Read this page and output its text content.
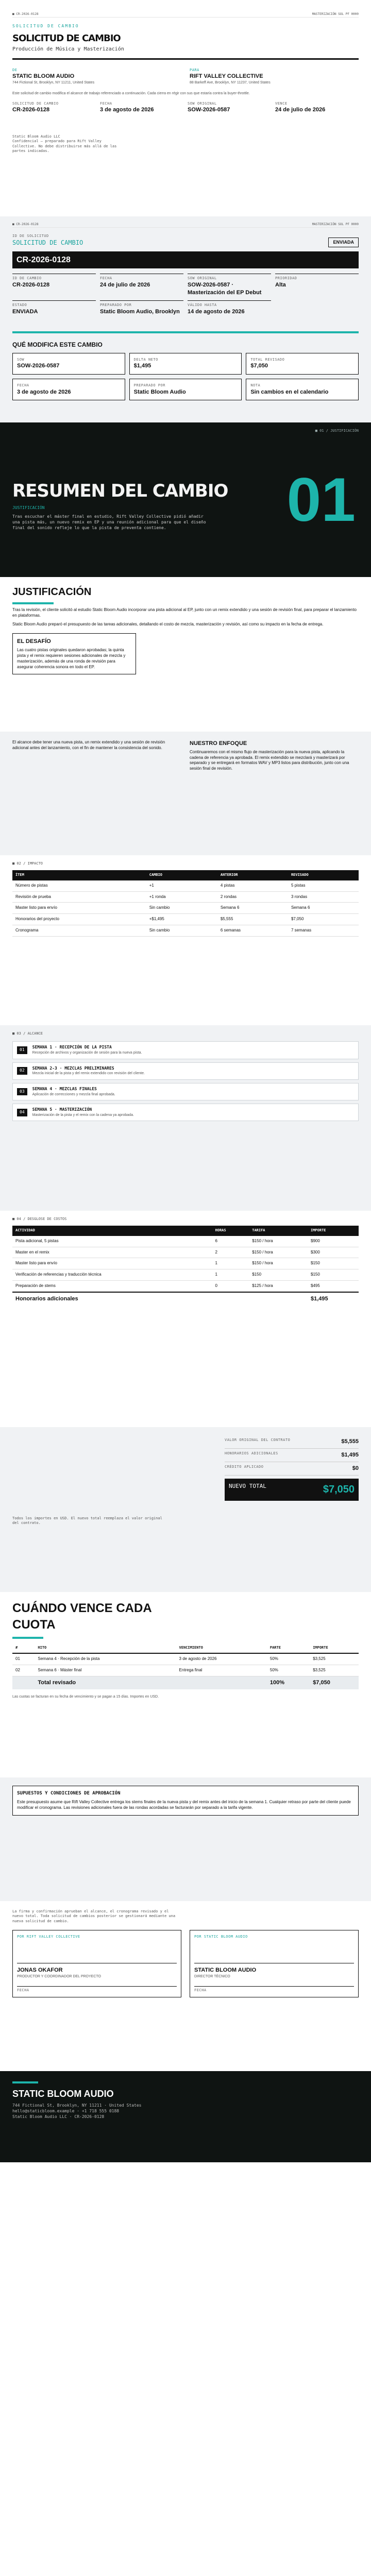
■ CR-2026-0128	MASTERIZACIÓN SOL PF 0000
SOLICITUD DE CAMBIO
SOLICITUD DE CAMBIO
Producción de Música y Masterización
DE
STATIC BLOOM AUDIO
744 Fictional St, Brooklyn, NY 11211, United States
PARA
RIFT VALLEY COLLECTIVE
88 Barkeff Ave, Brooklyn, NY 11237, United States

Este solicitud de cambio modifica el alcance de trabajo referenciado a continuación. Cada cierra en régir con sus que estaría contra la buyer-throttle.

SOLICITUD DE CAMBIO
CR-2026-0128
FECHA
3 de agosto de 2026
SOW ORIGINAL
SOW-2026-0587
VENCE
24 de julio de 2026
Static Bloom Audio LLC
Confidencial — preparado para Rift Valley
Collective. No debe distribuirse más allá de las
partes indicadas.
■ CR-2026-0128	MASTERIZACIÓN SOL PF 0000
ID DE SOLICITUD
SOLICITUD DE CAMBIO	ENVIADA
CR-2026-0128
ID DE CAMBIO
CR-2026-0128
FECHA
24 de julio de 2026
SOW ORIGINAL
SOW-2026-0587 · Masterización del EP Debut
PRIORIDAD
Alta
ESTADO
ENVIADA
PREPARADO POR
Static Bloom Audio, Brooklyn
VÁLIDO HASTA
14 de agosto de 2026
QUÉ MODIFICA ESTE CAMBIO
SOW
SOW-2026-0587
DELTA NETO
$1,495
TOTAL REVISADO
$7,050
FECHA
3 de agosto de 2026
PREPARADO POR
Static Bloom Audio
NOTA
Sin cambios en el calendario
■ 01 / JUSTIFICACIÓN
01
RESUMEN DEL CAMBIO
JUSTIFICACIÓN

Tras escuchar el máster final en estudio, Rift Valley Collective pidió añadir una pista más, un nuevo remix en EP y una reunión adicional para que el diseño final del sonido refleje lo que la pista de preventa contiene.

JUSTIFICACIÓN

Tras la revisión, el cliente solicitó al estudio Static Bloom Audio incorporar una pista adicional al EP, junto con un remix extendido y una sesión de revisión final, para preparar el lanzamiento en plataformas.

Static Bloom Audio preparó el presupuesto de las tareas adicionales, detallando el costo de mezcla, masterización y revisión, así como su impacto en la fecha de entrega.

EL DESAFÍO

Las cuatro pistas originales quedaron aprobadas; la quinta pista y el remix requieren sesiones adicionales de mezcla y masterización, además de una ronda de revisión para asegurar coherencia sonora en todo el EP.

El alcance debe tener una nueva pista, un remix extendido y una sesión de revisión adicional antes del lanzamiento, con el fin de mantener la consistencia del sonido.

NUESTRO ENFOQUE

Continuaremos con el mismo flujo de masterización para la nueva pista, aplicando la cadena de referencia ya aprobada. El remix extendido se mezclará y masterizará por separado y se entregará en formatos WAV y MP3 listos para distribución, junto con una sesión final de revisión.

■ 02 / IMPACTO
ÍTEM	CAMBIO	ANTERIOR	REVISADO
Número de pistas	+1	4 pistas	5 pistas
Revisión de prueba	+1 ronda	2 rondas	3 rondas
Master listo para envío	Sin cambio	Semana 6	Semana 6
Honorarios del proyecto	+$1,495	$5,555	$7,050
Cronograma	Sin cambio	6 semanas	7 semanas
■ 03 / ALCANCE
01
SEMANA 1 · RECEPCIÓN DE LA PISTA
Recepción de archivos y organización de sesión para la nueva pista.
02
SEMANA 2-3 · MEZCLAS PRELIMINARES
Mezcla inicial de la pista y del remix extendido con revisión del cliente.
03
SEMANA 4 · MEZCLAS FINALES
Aplicación de correcciones y mezcla final aprobada.
04
SEMANA 5 · MASTERIZACIÓN
Masterización de la pista y el remix con la cadena ya aprobada.
■ 04 / DESGLOSE DE COSTOS
ACTIVIDAD	HORAS	TARIFA	IMPORTE
Pista adicional, 5 pistas	6	$150 / hora	$900
Master en el remix	2	$150 / hora	$300
Master listo para envío	1	$150 / hora	$150
Verificación de referencias y traducción técnica	1	$150	$150
Preparación de stems	0	$125 / hora	$495
Honorarios adicionales			$1,495
VALOR ORIGINAL DEL CONTRATO	$5,555
HONORARIOS ADICIONALES	$1,495
CRÉDITO APLICADO	$0
NUEVO TOTAL	$7,050

Todos los importes en USD. El nuevo total reemplaza el valor original del contrato.

CUÁNDO VENCE CADA CUOTA
#	HITO	VENCIMIENTO	PARTE	IMPORTE
01	Semana 4 · Recepción de la pista	3 de agosto de 2026	50%	$3,525
02	Semana 6 · Máster final	Entrega final	50%	$3,525
	Total revisado		100%	$7,050

Las cuotas se facturan en su fecha de vencimiento y se pagan a 15 días. Importes en USD.

SUPUESTOS Y CONDICIONES DE APROBACIÓN

Este presupuesto asume que Rift Valley Collective entrega los stems finales de la nueva pista y del remix antes del inicio de la semana 1. Cualquier retraso por parte del cliente puede modificar el cronograma. Las revisiones adicionales fuera de las rondas acordadas se facturarán por separado a la tarifa vigente.

La firma y confirmación aprueban el alcance, el cronograma revisado y el nuevo total. Toda solicitud de cambios posterior se gestionará mediante una nueva solicitud de cambio.

POR RIFT VALLEY COLLECTIVE
JONAS OKAFOR
PRODUCTOR Y COORDINADOR DEL PROYECTO
FECHA
POR STATIC BLOOM AUDIO
STATIC BLOOM AUDIO
DIRECTOR TÉCNICO
FECHA
STATIC BLOOM AUDIO
744 Fictional St, Brooklyn, NY 11211 · United States
hello@staticbloom.example · +1 718 555 0188
Static Bloom Audio LLC · CR-2026-0128
